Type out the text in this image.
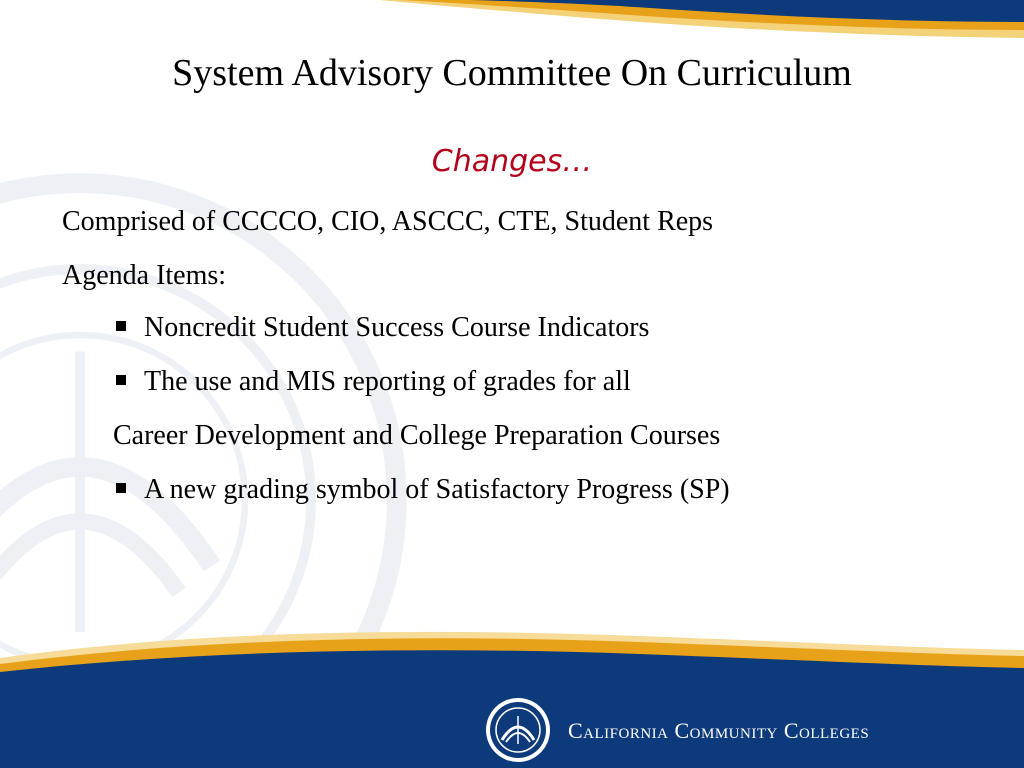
System Advisory Committee On Curriculum
Changes…
Comprised of CCCCO, CIO, ASCCC, CTE, Student Reps
Agenda Items:
Noncredit Student Success Course Indicators
The use and MIS reporting of grades for all
Career Development and College Preparation Courses
A new grading symbol of Satisfactory Progress (SP)
California Community Colleges
